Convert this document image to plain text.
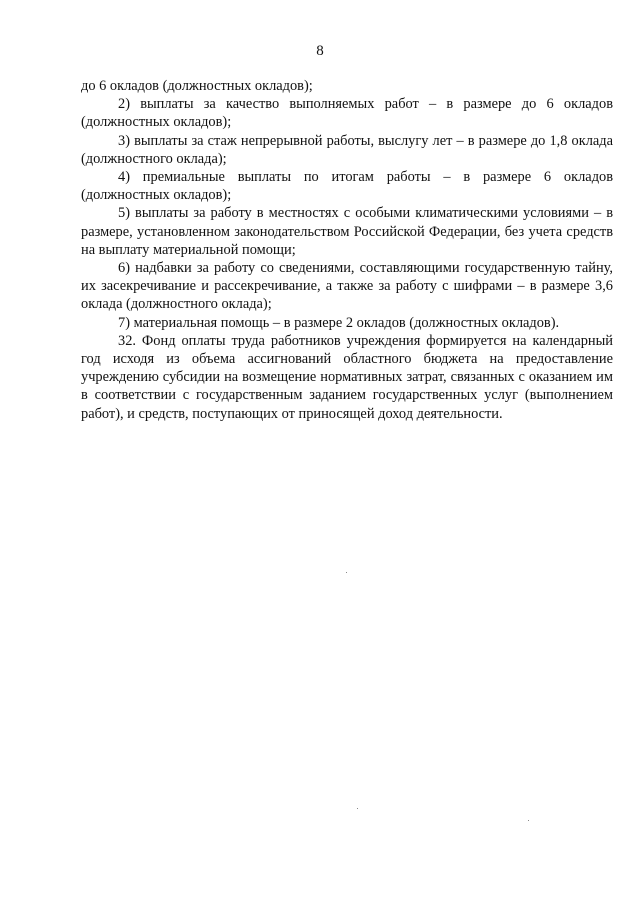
8

до 6 окладов (должностных окладов);

2) выплаты за качество выполняемых работ – в размере до 6 окладов (должностных окладов);

3) выплаты за стаж непрерывной работы, выслугу лет – в размере до 1,8 оклада (должностного оклада);

4) премиальные выплаты по итогам работы – в размере 6 окладов (должностных окладов);

5) выплаты за работу в местностях с особыми климатическими условиями – в размере, установленном законодательством Российской Федерации, без учета средств на выплату материальной помощи;

6) надбавки за работу со сведениями, составляющими государственную тайну, их засекречивание и рассекречивание, а также за работу с шифрами – в размере 3,6 оклада (должностного оклада);

7) материальная помощь – в размере 2 окладов (должностных окладов).

32. Фонд оплаты труда работников учреждения формируется на календарный год исходя из объема ассигнований областного бюджета на предоставление учреждению субсидии на возмещение нормативных затрат, связанных с оказанием им в соответствии с государственным заданием государственных услуг (выполнением работ), и средств, поступающих от приносящей доход деятельности.
